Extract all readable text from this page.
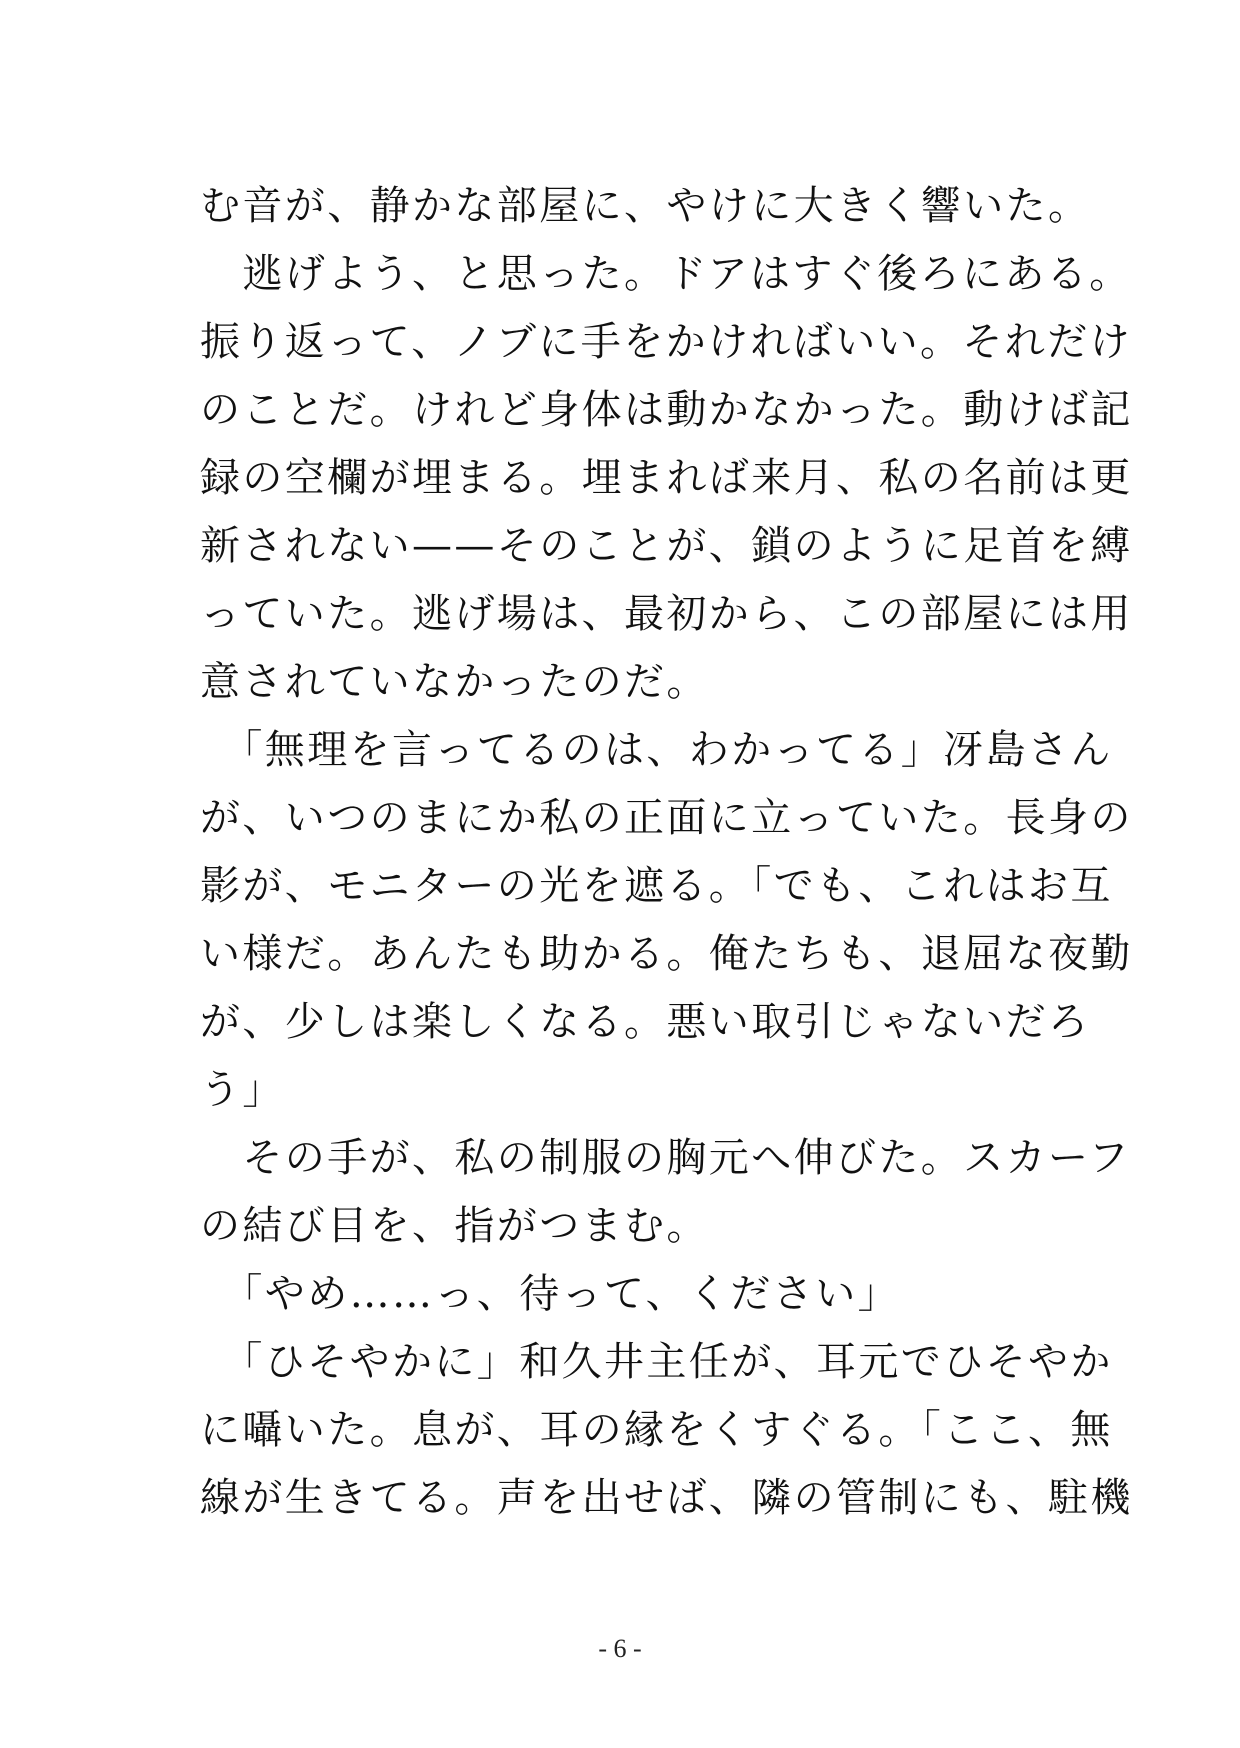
む音が、静かな部屋に、やけに大きく響いた。
　逃げよう、と思った。ドアはすぐ後ろにある。
振り返って、ノブに手をかければいい。それだけ
のことだ。けれど身体は動かなかった。動けば記
録の空欄が埋まる。埋まれば来月、私の名前は更
新されない——そのことが、鎖のように足首を縛
っていた。逃げ場は、最初から、この部屋には用
意されていなかったのだ。
　「無理を言ってるのは、わかってる」冴島さん
が、いつのまにか私の正面に立っていた。長身の
影が、モニターの光を遮る。「でも、これはお互
い様だ。あんたも助かる。俺たちも、退屈な夜勤
が、少しは楽しくなる。悪い取引じゃないだろ
う」
　その手が、私の制服の胸元へ伸びた。スカーフ
の結び目を、指がつまむ。
　「やめ……っ、待って、ください」
　「ひそやかに」和久井主任が、耳元でひそやか
に囁いた。息が、耳の縁をくすぐる。「ここ、無
線が生きてる。声を出せば、隣の管制にも、駐機
- 6 -
